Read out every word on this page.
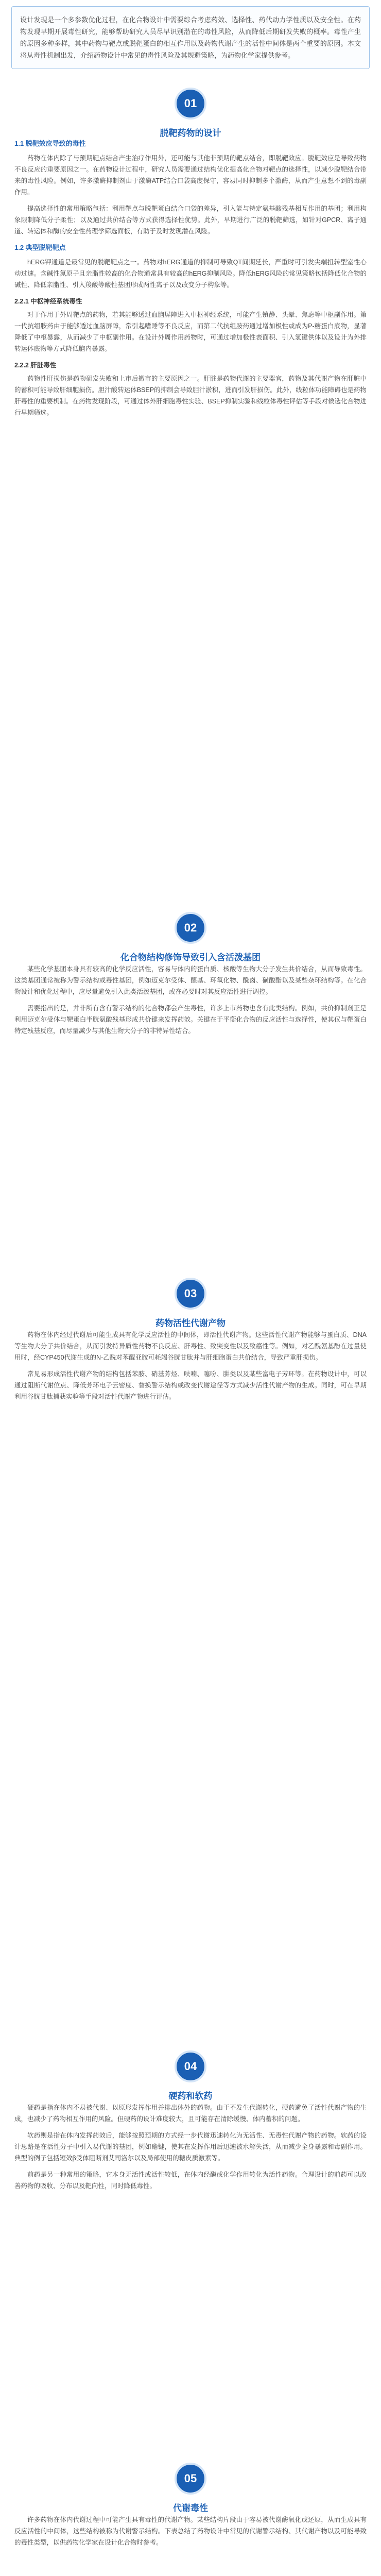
设计发现是一个多参数优化过程，在化合物设计中需要综合考虑药效、选择性、药代动力学性质以及安全性。在药物发现早期开展毒性研究，能够帮助研究人员尽早识别潜在的毒性风险，从而降低后期研发失败的概率。毒性产生的原因多种多样，其中药物与靶点或脱靶蛋白的相互作用以及药物代谢产生的活性中间体是两个重要的原因。本文将从毒性机制出发，介绍药物设计中常见的毒性风险及其规避策略，为药物化学家提供参考。
01
脱靶药物的设计
1.1 脱靶效应导致的毒性

药物在体内除了与预期靶点结合产生治疗作用外，还可能与其他非预期的靶点结合，即脱靶效应。脱靶效应是导致药物不良反应的重要原因之一。在药物设计过程中，研究人员需要通过结构优化提高化合物对靶点的选择性，以减少脱靶结合带来的毒性风险。例如，许多激酶抑制剂由于激酶ATP结合口袋高度保守，容易同时抑制多个激酶，从而产生意想不到的毒副作用。

提高选择性的常用策略包括：利用靶点与脱靶蛋白结合口袋的差异，引入能与特定氨基酸残基相互作用的基团；利用构象限制降低分子柔性；以及通过共价结合等方式获得选择性优势。此外，早期进行广泛的脱靶筛选，如针对GPCR、离子通道、转运体和酶的安全性药理学筛选面板，有助于及时发现潜在风险。

1.2 典型脱靶靶点

hERG钾通道是最常见的脱靶靶点之一。药物对hERG通道的抑制可导致QT间期延长，严重时可引发尖端扭转型室性心动过速。含碱性氮原子且亲脂性较高的化合物通常具有较高的hERG抑制风险。降低hERG风险的常见策略包括降低化合物的碱性、降低亲脂性、引入羧酸等酸性基团形成两性离子以及改变分子构象等。

2.2.1 中枢神经系统毒性

对于作用于外周靶点的药物，若其能够透过血脑屏障进入中枢神经系统，可能产生镇静、头晕、焦虑等中枢副作用。第一代抗组胺药由于能够透过血脑屏障，常引起嗜睡等不良反应，而第二代抗组胺药通过增加极性或成为P-糖蛋白底物，显著降低了中枢暴露，从而减少了中枢副作用。在设计外周作用药物时，可通过增加极性表面积、引入氢键供体以及设计为外排转运体底物等方式降低脑内暴露。

2.2.2 肝脏毒性

药物性肝损伤是药物研发失败和上市后撤市的主要原因之一。肝脏是药物代谢的主要器官，药物及其代谢产物在肝脏中的蓄积可能导致肝细胞损伤。胆汁酸转运体BSEP的抑制会导致胆汁淤积，进而引发肝损伤。此外，线粒体功能障碍也是药物肝毒性的重要机制。在药物发现阶段，可通过体外肝细胞毒性实验、BSEP抑制实验和线粒体毒性评估等手段对候选化合物进行早期筛选。

02
化合物结构修饰导致引入含活泼基团

某些化学基团本身具有较高的化学反应活性，容易与体内的蛋白质、核酸等生物大分子发生共价结合，从而导致毒性。这类基团通常被称为警示结构或毒性基团，例如迈克尔受体、醛基、环氧化物、酰卤、磺酸酯以及某些杂环结构等。在化合物设计和优化过程中，应尽量避免引入此类活泼基团，或在必要时对其反应活性进行调控。

需要指出的是，并非所有含有警示结构的化合物都会产生毒性，许多上市药物也含有此类结构。例如，共价抑制剂正是利用迈克尔受体与靶蛋白半胱氨酸残基形成共价键来发挥药效。关键在于平衡化合物的反应活性与选择性，使其仅与靶蛋白特定残基反应，而尽量减少与其他生物大分子的非特异性结合。

03
药物活性代谢产物

药物在体内经过代谢后可能生成具有化学反应活性的中间体，即活性代谢产物。这些活性代谢产物能够与蛋白质、DNA等生物大分子共价结合，从而引发特异质性药物不良反应、肝毒性、致突变性以及致癌性等。例如，对乙酰氨基酚在过量使用时，经CYP450代谢生成的N-乙酰对苯醌亚胺可耗竭谷胱甘肽并与肝细胞蛋白共价结合，导致严重肝损伤。

常见易形成活性代谢产物的结构包括苯胺、硝基芳烃、呋喃、噻吩、肼类以及某些富电子芳环等。在药物设计中，可以通过阻断代谢位点、降低芳环电子云密度、替换警示结构或改变代谢途径等方式减少活性代谢产物的生成。同时，可在早期利用谷胱甘肽捕获实验等手段对活性代谢产物进行评估。

04
硬药和软药

硬药是指在体内不易被代谢、以原形发挥作用并排出体外的药物。由于不发生代谢转化，硬药避免了活性代谢产物的生成，也减少了药物相互作用的风险。但硬药的设计难度较大，且可能存在清除缓慢、体内蓄积的问题。

软药则是指在体内发挥药效后，能够按照预期的方式经一步代谢迅速转化为无活性、无毒性代谢产物的药物。软药的设计思路是在活性分子中引入易代谢的基团，例如酯键，使其在发挥作用后迅速被水解失活，从而减少全身暴露和毒副作用。典型的例子包括短效β受体阻断剂艾司洛尔以及局部使用的糖皮质激素等。

前药是另一种常用的策略，它本身无活性或活性较低，在体内经酶或化学作用转化为活性药物。合理设计的前药可以改善药物的吸收、分布以及靶向性，同时降低毒性。

05
代谢毒性

许多药物在体内代谢过程中可能产生具有毒性的代谢产物。某些结构片段由于容易被代谢酶氧化或还原，从而生成具有反应活性的中间体，这些结构被称为代谢警示结构。下表总结了药物设计中常见的代谢警示结构、其代谢产物以及可能导致的毒性类型，以供药物化学家在设计化合物时参考。
